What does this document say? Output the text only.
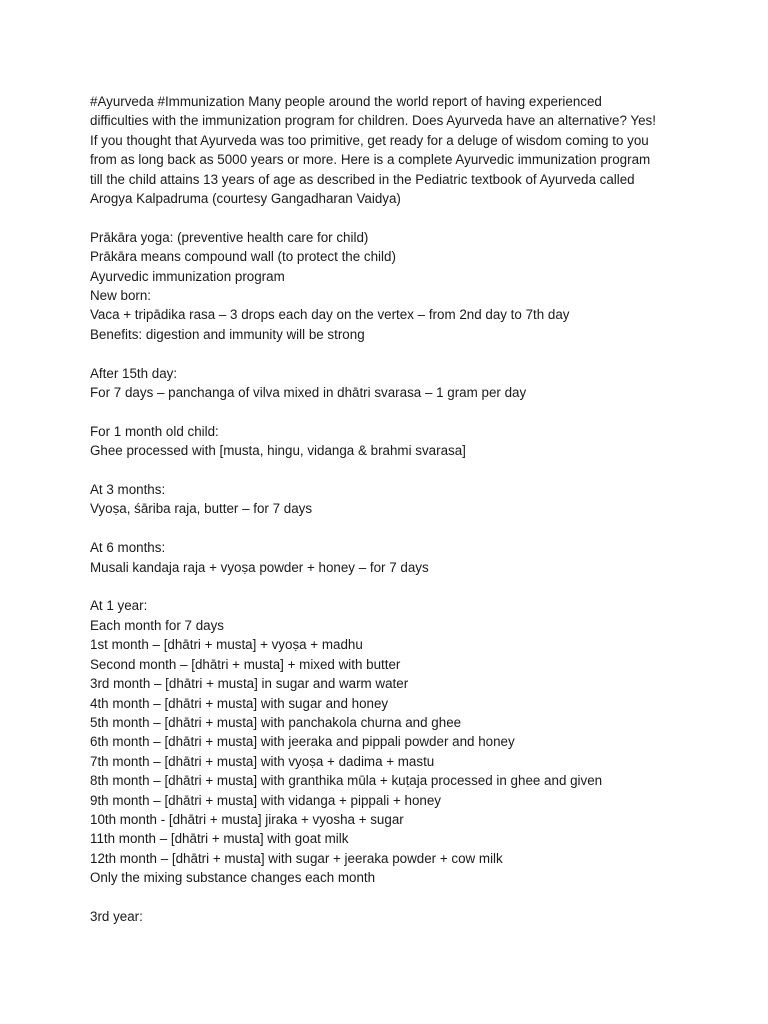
#Ayurveda #Immunization Many people around the world report of having experienced
difficulties with the immunization program for children. Does Ayurveda have an alternative? Yes!
If you thought that Ayurveda was too primitive, get ready for a deluge of wisdom coming to you
from as long back as 5000 years or more. Here is a complete Ayurvedic immunization program
till the child attains 13 years of age as described in the Pediatric textbook of Ayurveda called
Arogya Kalpadruma (courtesy Gangadharan Vaidya)
Prākāra yoga: (preventive health care for child)
Prākāra means compound wall (to protect the child)
Ayurvedic immunization program
New born:
Vaca + tripādika rasa – 3 drops each day on the vertex – from 2nd day to 7th day
Benefits: digestion and immunity will be strong
After 15th day:
For 7 days – panchanga of vilva mixed in dhātri svarasa – 1 gram per day
For 1 month old child:
Ghee processed with [musta, hingu, vidanga & brahmi svarasa]
At 3 months:
Vyoṣa, śāriba raja, butter – for 7 days
At 6 months:
Musali kandaja raja + vyoṣa powder + honey – for 7 days
At 1 year:
Each month for 7 days
1st month – [dhātri + musta] + vyoṣa + madhu
Second month – [dhātri + musta] + mixed with butter
3rd month – [dhātri + musta] in sugar and warm water
4th month – [dhātri + musta] with sugar and honey
5th month – [dhātri + musta] with panchakola churna and ghee
6th month – [dhātri + musta] with jeeraka and pippali powder and honey
7th month – [dhātri + musta] with vyoṣa + dadima + mastu
8th month – [dhātri + musta] with granthika mūla + kuṭaja processed in ghee and given
9th month – [dhātri + musta] with vidanga + pippali + honey
10th month - [dhātri + musta] jiraka + vyosha + sugar
11th month – [dhātri + musta] with goat milk
12th month – [dhātri + musta] with sugar + jeeraka powder + cow milk
Only the mixing substance changes each month
3rd year:
